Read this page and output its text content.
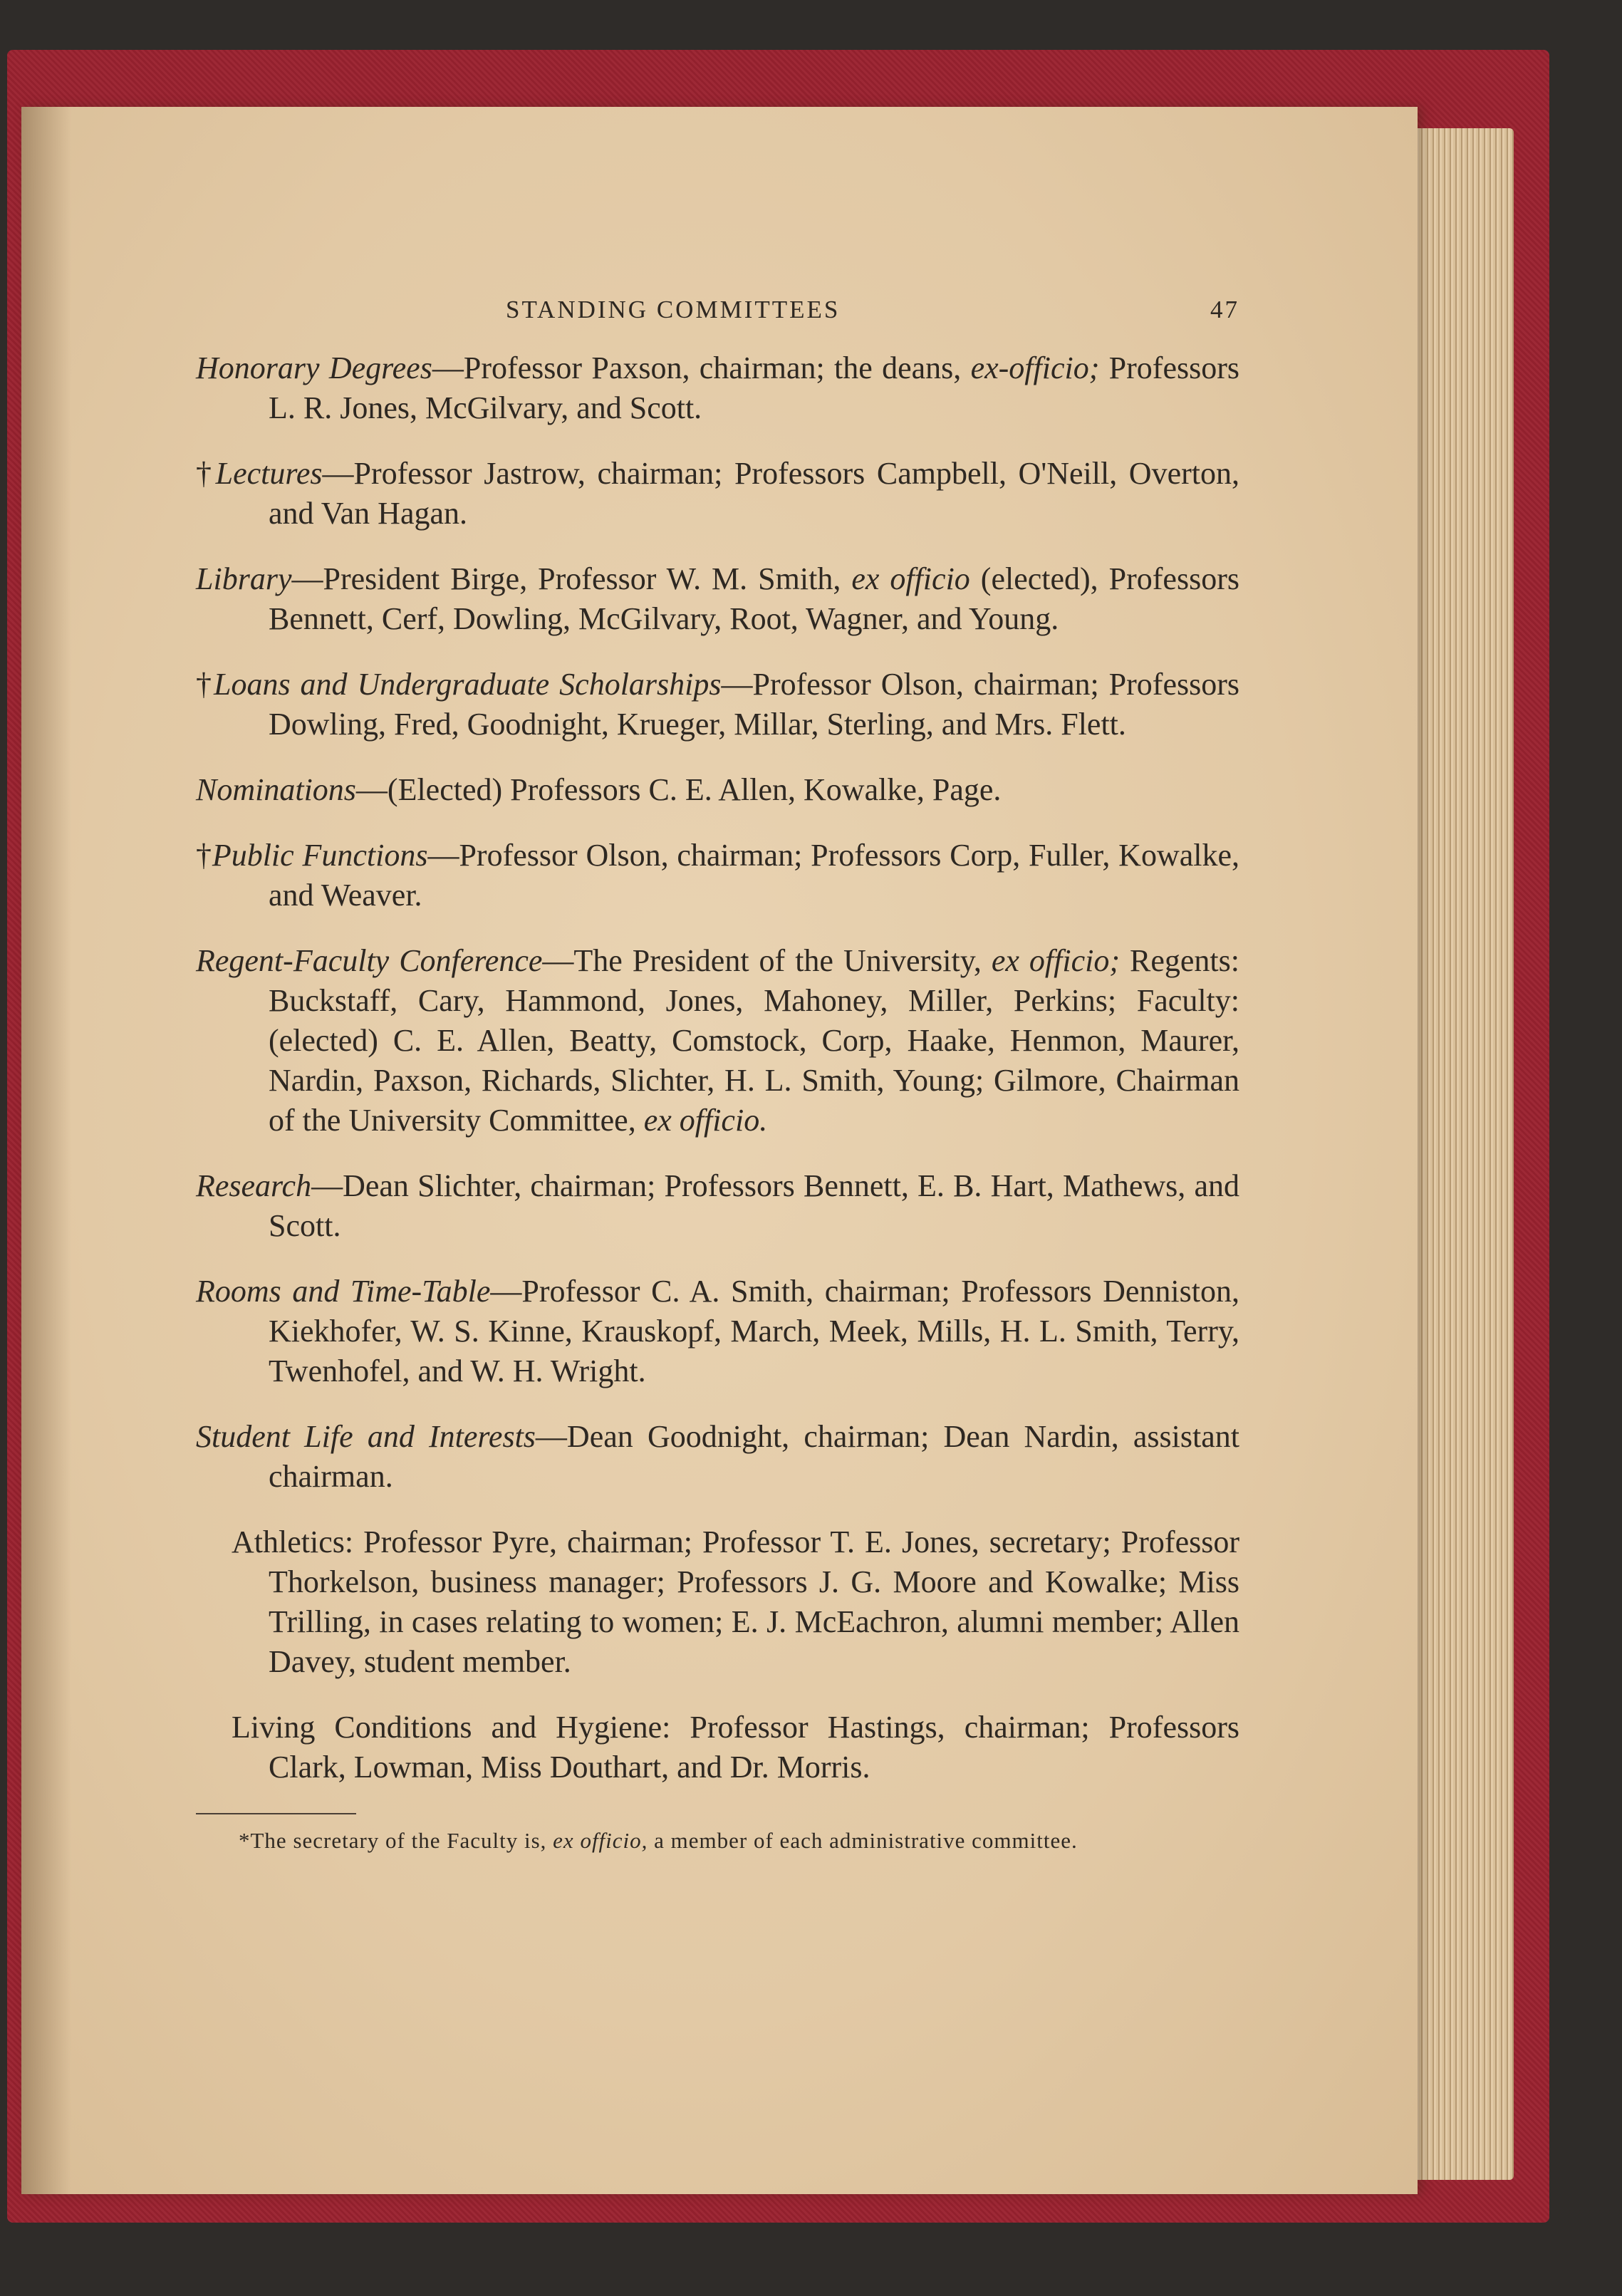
STANDING COMMITTEES	47

Honorary Degrees—Professor Paxson, chairman; the deans, ex-officio; Professors L. R. Jones, McGilvary, and Scott.

†Lectures—Professor Jastrow, chairman; Professors Campbell, O'Neill, Overton, and Van Hagan.

Library—President Birge, Professor W. M. Smith, ex officio (elected), Professors Bennett, Cerf, Dowling, McGilvary, Root, Wagner, and Young.

†Loans and Undergraduate Scholarships—Professor Olson, chairman; Professors Dowling, Fred, Goodnight, Krueger, Millar, Sterling, and Mrs. Flett.

Nominations—(Elected) Professors C. E. Allen, Kowalke, Page.

†Public Functions—Professor Olson, chairman; Professors Corp, Fuller, Kowalke, and Weaver.

Regent-Faculty Conference—The President of the University, ex officio; Regents: Buckstaff, Cary, Hammond, Jones, Mahoney, Miller, Perkins; Faculty: (elected) C. E. Allen, Beatty, Comstock, Corp, Haake, Henmon, Maurer, Nardin, Paxson, Richards, Slichter, H. L. Smith, Young; Gilmore, Chairman of the University Committee, ex officio.

Research—Dean Slichter, chairman; Professors Bennett, E. B. Hart, Mathews, and Scott.

Rooms and Time-Table—Professor C. A. Smith, chairman; Professors Denniston, Kiekhofer, W. S. Kinne, Krauskopf, March, Meek, Mills, H. L. Smith, Terry, Twenhofel, and W. H. Wright.

Student Life and Interests—Dean Goodnight, chairman; Dean Nardin, assistant chairman.

Athletics: Professor Pyre, chairman; Professor T. E. Jones, secretary; Professor Thorkelson, business manager; Professors J. G. Moore and Kowalke; Miss Trilling, in cases relating to women; E. J. McEachron, alumni member; Allen Davey, student member.

Living Conditions and Hygiene: Professor Hastings, chairman; Professors Clark, Lowman, Miss Douthart, and Dr. Morris.

*The secretary of the Faculty is, ex officio, a member of each administrative committee.
